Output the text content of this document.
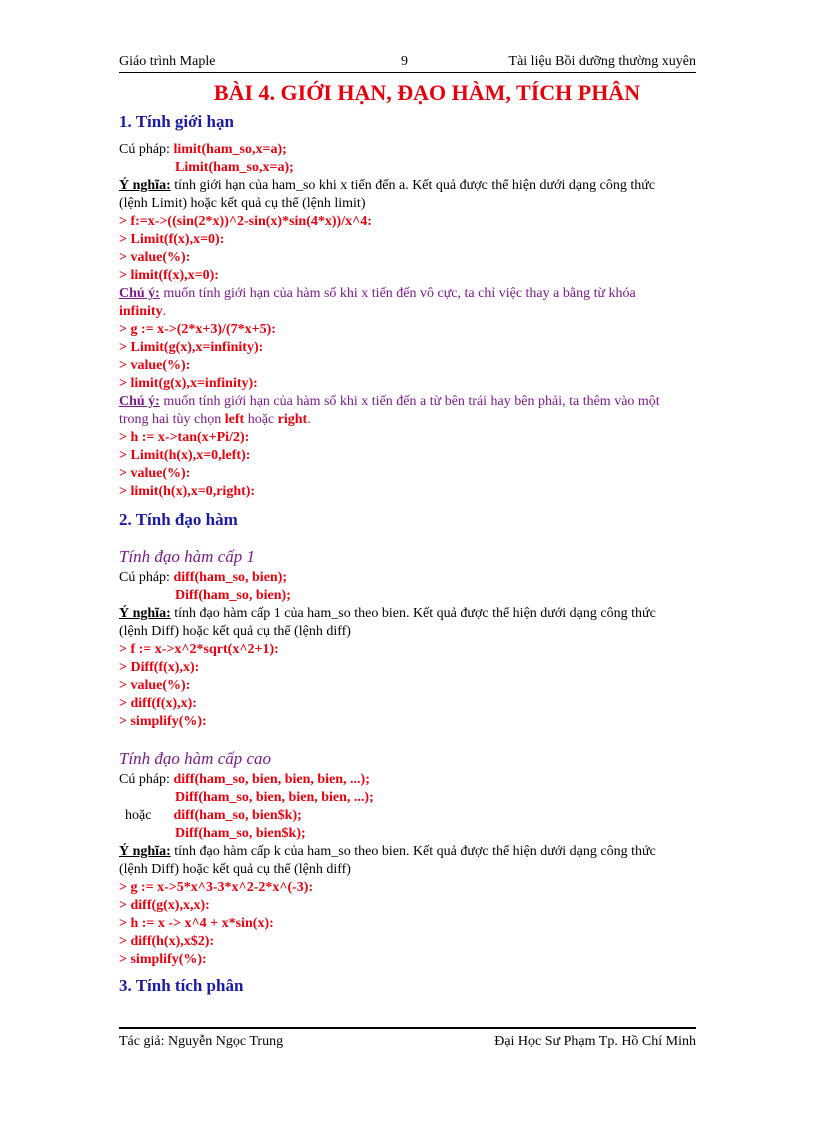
Giáo trình Maple	9	Tài liệu Bồi dưỡng thường xuyên

BÀI 4. GIỚI HẠN, ĐẠO HÀM, TÍCH PHÂN

1. Tính giới hạn

Cú pháp: limit(ham_so,x=a);

Limit(ham_so,x=a);

Ý nghĩa: tính giới hạn của ham_so khi x tiến đến a. Kết quả được thể hiện dưới dạng công thức

(lệnh Limit) hoặc kết quả cụ thể (lệnh limit)

> f:=x->((sin(2*x))^2-sin(x)*sin(4*x))/x^4:

> Limit(f(x),x=0):

> value(%):

> limit(f(x),x=0):

Chú ý: muốn tính giới hạn của hàm số khi x tiến đến vô cực, ta chỉ việc thay a bằng từ khóa

infinity.

> g := x->(2*x+3)/(7*x+5):

> Limit(g(x),x=infinity):

> value(%):

> limit(g(x),x=infinity):

Chú ý: muốn tính giới hạn của hàm số khi x tiến đến a từ bên trái hay bên phải, ta thêm vào một

trong hai tùy chọn left hoặc right.

> h := x->tan(x+Pi/2):

> Limit(h(x),x=0,left):

> value(%):

> limit(h(x),x=0,right):

2. Tính đạo hàm

Tính đạo hàm cấp 1

Cú pháp: diff(ham_so, bien);

Diff(ham_so, bien);

Ý nghĩa: tính đạo hàm cấp 1 của ham_so theo bien. Kết quả được thể hiện dưới dạng công thức

(lệnh Diff) hoặc kết quả cụ thể (lệnh diff)

> f := x->x^2*sqrt(x^2+1):

> Diff(f(x),x):

> value(%):

> diff(f(x),x):

> simplify(%):

Tính đạo hàm cấp cao

Cú pháp: diff(ham_so, bien, bien, bien, ...);

Diff(ham_so, bien, bien, bien, ...);

hoặc diff(ham_so, bien$k);

Diff(ham_so, bien$k);

Ý nghĩa: tính đạo hàm cấp k của ham_so theo bien. Kết quả được thể hiện dưới dạng công thức

(lệnh Diff) hoặc kết quả cụ thể (lệnh diff)

> g := x->5*x^3-3*x^2-2*x^(-3):

> diff(g(x),x,x):

> h := x -> x^4 + x*sin(x):

> diff(h(x),x$2):

> simplify(%):

3. Tính tích phân

Tác giả: Nguyễn Ngọc Trung	Đại Học Sư Phạm Tp. Hồ Chí Minh
